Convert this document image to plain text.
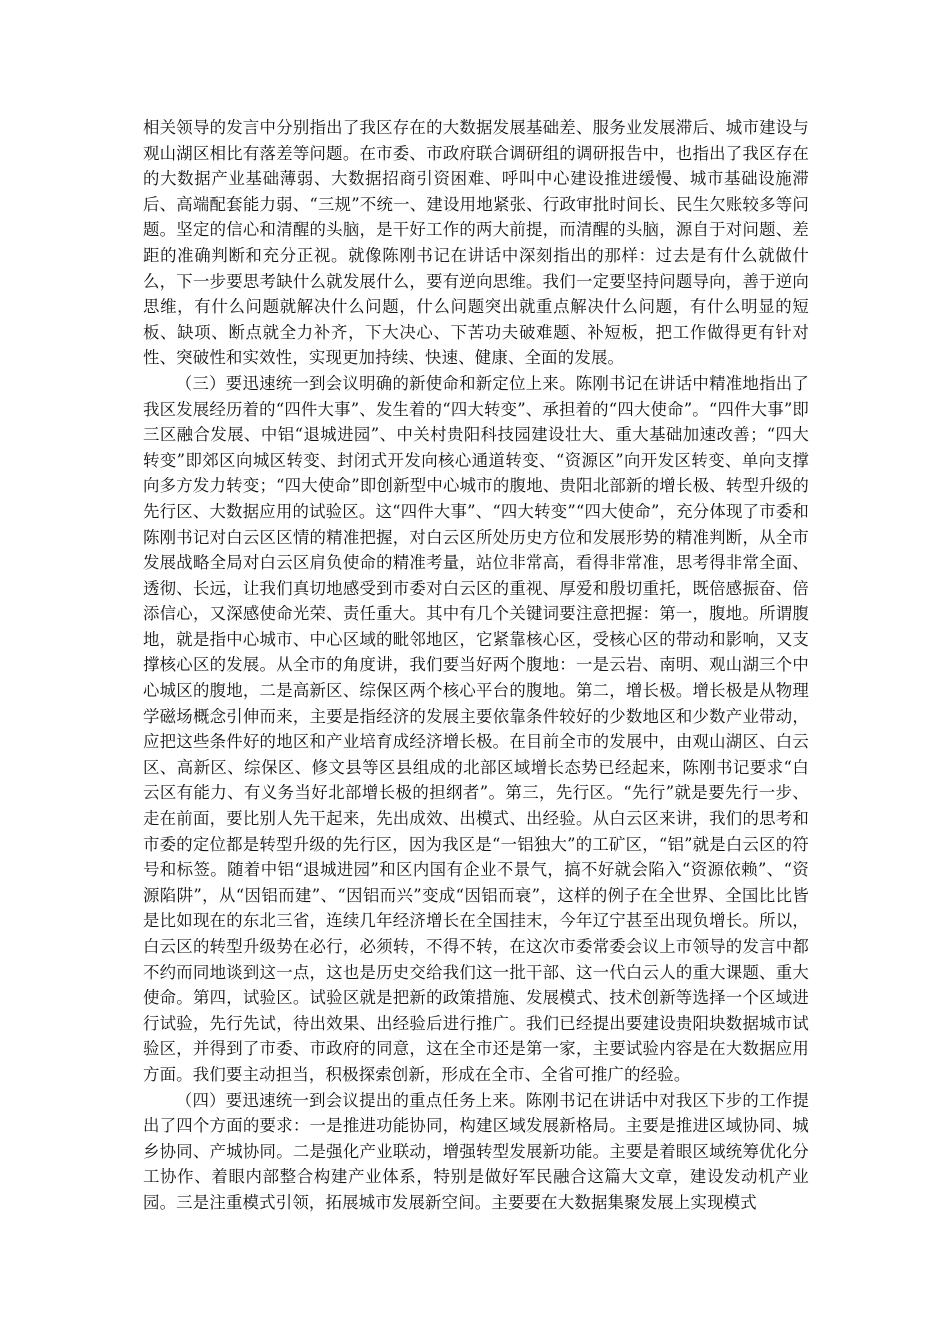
相关领导的发言中分别指出了我区存在的大数据发展基础差、服务业发展滞后、城市建设与观山湖区相比有落差等问题。在市委、市政府联合调研组的调研报告中，也指出了我区存在的大数据产业基础薄弱、大数据招商引资困难、呼叫中心建设推进缓慢、城市基础设施滞后、高端配套能力弱、“三规”不统一、建设用地紧张、行政审批时间长、民生欠账较多等问题。坚定的信心和清醒的头脑，是干好工作的两大前提，而清醒的头脑，源自于对问题、差距的准确判断和充分正视。就像陈刚书记在讲话中深刻指出的那样：过去是有什么就做什么，下一步要思考缺什么就发展什么，要有逆向思维。我们一定要坚持问题导向，善于逆向思维，有什么问题就解决什么问题，什么问题突出就重点解决什么问题，有什么明显的短板、缺项、断点就全力补齐，下大决心、下苦功夫破难题、补短板，把工作做得更有针对性、突破性和实效性，实现更加持续、快速、健康、全面的发展。

（三）要迅速统一到会议明确的新使命和新定位上来。陈刚书记在讲话中精准地指出了我区发展经历着的“四件大事”、发生着的“四大转变”、承担着的“四大使命”。“四件大事”即三区融合发展、中铝“退城进园”、中关村贵阳科技园建设壮大、重大基础加速改善；“四大转变”即郊区向城区转变、封闭式开发向核心通道转变、“资源区”向开发区转变、单向支撑向多方发力转变；“四大使命”即创新型中心城市的腹地、贵阳北部新的增长极、转型升级的先行区、大数据应用的试验区。这“四件大事”、“四大转变”“四大使命”，充分体现了市委和陈刚书记对白云区区情的精准把握，对白云区所处历史方位和发展形势的精准判断，从全市发展战略全局对白云区肩负使命的精准考量，站位非常高，看得非常准，思考得非常全面、透彻、长远，让我们真切地感受到市委对白云区的重视、厚爱和殷切重托，既倍感振奋、倍添信心，又深感使命光荣、责任重大。其中有几个关键词要注意把握：第一，腹地。所谓腹地，就是指中心城市、中心区域的毗邻地区，它紧靠核心区，受核心区的带动和影响，又支撑核心区的发展。从全市的角度讲，我们要当好两个腹地：一是云岩、南明、观山湖三个中心城区的腹地，二是高新区、综保区两个核心平台的腹地。第二，增长极。增长极是从物理学磁场概念引伸而来，主要是指经济的发展主要依靠条件较好的少数地区和少数产业带动，应把这些条件好的地区和产业培育成经济增长极。在目前全市的发展中，由观山湖区、白云区、高新区、综保区、修文县等区县组成的北部区域增长态势已经起来，陈刚书记要求“白云区有能力、有义务当好北部增长极的担纲者”。第三，先行区。“先行”就是要先行一步、走在前面，要比别人先干起来，先出成效、出模式、出经验。从白云区来讲，我们的思考和市委的定位都是转型升级的先行区，因为我区是“一铝独大”的工矿区，“铝”就是白云区的符号和标签。随着中铝“退城进园”和区内国有企业不景气，搞不好就会陷入“资源依赖”、“资源陷阱”，从“因铝而建”、“因铝而兴”变成“因铝而衰”，这样的例子在全世界、全国比比皆是比如现在的东北三省，连续几年经济增长在全国挂末，今年辽宁甚至出现负增长。所以，白云区的转型升级势在必行，必须转，不得不转，在这次市委常委会议上市领导的发言中都不约而同地谈到这一点，这也是历史交给我们这一批干部、这一代白云人的重大课题、重大使命。第四，试验区。试验区就是把新的政策措施、发展模式、技术创新等选择一个区域进行试验，先行先试，待出效果、出经验后进行推广。我们已经提出要建设贵阳块数据城市试验区，并得到了市委、市政府的同意，这在全市还是第一家，主要试验内容是在大数据应用方面。我们要主动担当，积极探索创新，形成在全市、全省可推广的经验。

（四）要迅速统一到会议提出的重点任务上来。陈刚书记在讲话中对我区下步的工作提出了四个方面的要求：一是推进功能协同，构建区域发展新格局。主要是推进区域协同、城乡协同、产城协同。二是强化产业联动，增强转型发展新功能。主要是着眼区域统筹优化分工协作、着眼内部整合构建产业体系，特别是做好军民融合这篇大文章，建设发动机产业园。三是注重模式引领，拓展城市发展新空间。主要要在大数据集聚发展上实现模式
